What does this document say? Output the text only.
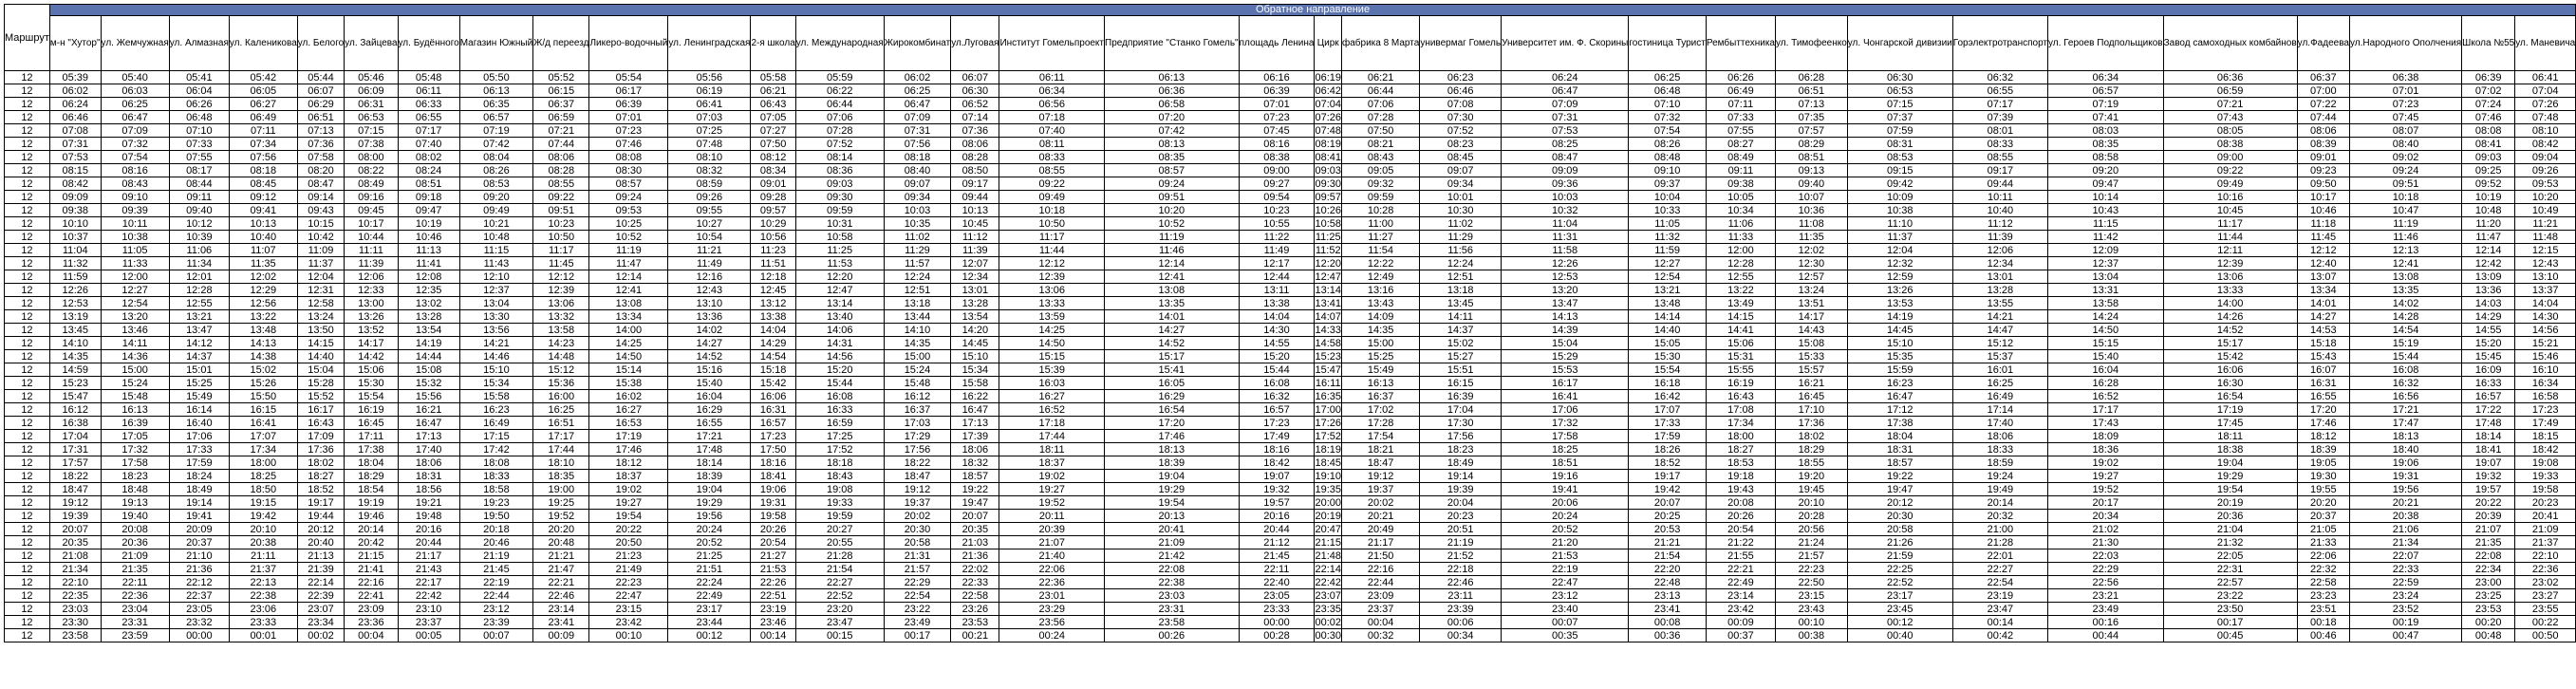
Маршрут	Обратное направление																																
	м-н "Хутор"	ул. Жемчужная	ул. Алмазная	ул. Каленикова	ул. Белого	ул. Зайцева	ул. Будённого	Магазин Южный	Ж/д переезд	Ликеро-водочный	ул. Ленинградская	2-я школа	ул. Международная	Жирокомбинат	ул.Луговая	Институт Гомельпроект	Предприятие "Станко Гомель"	площадь Ленина	Цирк	фабрика 8 Марта	универмаг Гомель	Университет им. Ф. Скорины	гостиница Турист	Рембыттехника	ул. Тимофеенко	ул. Чонгарской дивизии	Горэлектротранспорт	ул. Героев Подпольщиков	Завод самоходных комбайнов	ул.Фадеева	ул.Народного Ополчения	Школа №55	ул. Маневича
12	05:39	05:40	05:41	05:42	05:44	05:46	05:48	05:50	05:52	05:54	05:56	05:58	05:59	06:02	06:07	06:11	06:13	06:16	06:19	06:21	06:23	06:24	06:25	06:26	06:28	06:30	06:32	06:34	06:36	06:37	06:38	06:39	06:41
12	06:02	06:03	06:04	06:05	06:07	06:09	06:11	06:13	06:15	06:17	06:19	06:21	06:22	06:25	06:30	06:34	06:36	06:39	06:42	06:44	06:46	06:47	06:48	06:49	06:51	06:53	06:55	06:57	06:59	07:00	07:01	07:02	07:04
12	06:24	06:25	06:26	06:27	06:29	06:31	06:33	06:35	06:37	06:39	06:41	06:43	06:44	06:47	06:52	06:56	06:58	07:01	07:04	07:06	07:08	07:09	07:10	07:11	07:13	07:15	07:17	07:19	07:21	07:22	07:23	07:24	07:26
12	06:46	06:47	06:48	06:49	06:51	06:53	06:55	06:57	06:59	07:01	07:03	07:05	07:06	07:09	07:14	07:18	07:20	07:23	07:26	07:28	07:30	07:31	07:32	07:33	07:35	07:37	07:39	07:41	07:43	07:44	07:45	07:46	07:48
12	07:08	07:09	07:10	07:11	07:13	07:15	07:17	07:19	07:21	07:23	07:25	07:27	07:28	07:31	07:36	07:40	07:42	07:45	07:48	07:50	07:52	07:53	07:54	07:55	07:57	07:59	08:01	08:03	08:05	08:06	08:07	08:08	08:10
12	07:31	07:32	07:33	07:34	07:36	07:38	07:40	07:42	07:44	07:46	07:48	07:50	07:52	07:56	08:06	08:11	08:13	08:16	08:19	08:21	08:23	08:25	08:26	08:27	08:29	08:31	08:33	08:35	08:38	08:39	08:40	08:41	08:42
12	07:53	07:54	07:55	07:56	07:58	08:00	08:02	08:04	08:06	08:08	08:10	08:12	08:14	08:18	08:28	08:33	08:35	08:38	08:41	08:43	08:45	08:47	08:48	08:49	08:51	08:53	08:55	08:58	09:00	09:01	09:02	09:03	09:04
12	08:15	08:16	08:17	08:18	08:20	08:22	08:24	08:26	08:28	08:30	08:32	08:34	08:36	08:40	08:50	08:55	08:57	09:00	09:03	09:05	09:07	09:09	09:10	09:11	09:13	09:15	09:17	09:20	09:22	09:23	09:24	09:25	09:26
12	08:42	08:43	08:44	08:45	08:47	08:49	08:51	08:53	08:55	08:57	08:59	09:01	09:03	09:07	09:17	09:22	09:24	09:27	09:30	09:32	09:34	09:36	09:37	09:38	09:40	09:42	09:44	09:47	09:49	09:50	09:51	09:52	09:53
12	09:09	09:10	09:11	09:12	09:14	09:16	09:18	09:20	09:22	09:24	09:26	09:28	09:30	09:34	09:44	09:49	09:51	09:54	09:57	09:59	10:01	10:03	10:04	10:05	10:07	10:09	10:11	10:14	10:16	10:17	10:18	10:19	10:20
12	09:38	09:39	09:40	09:41	09:43	09:45	09:47	09:49	09:51	09:53	09:55	09:57	09:59	10:03	10:13	10:18	10:20	10:23	10:26	10:28	10:30	10:32	10:33	10:34	10:36	10:38	10:40	10:43	10:45	10:46	10:47	10:48	10:49
12	10:10	10:11	10:12	10:13	10:15	10:17	10:19	10:21	10:23	10:25	10:27	10:29	10:31	10:35	10:45	10:50	10:52	10:55	10:58	11:00	11:02	11:04	11:05	11:06	11:08	11:10	11:12	11:15	11:17	11:18	11:19	11:20	11:21
12	10:37	10:38	10:39	10:40	10:42	10:44	10:46	10:48	10:50	10:52	10:54	10:56	10:58	11:02	11:12	11:17	11:19	11:22	11:25	11:27	11:29	11:31	11:32	11:33	11:35	11:37	11:39	11:42	11:44	11:45	11:46	11:47	11:48
12	11:04	11:05	11:06	11:07	11:09	11:11	11:13	11:15	11:17	11:19	11:21	11:23	11:25	11:29	11:39	11:44	11:46	11:49	11:52	11:54	11:56	11:58	11:59	12:00	12:02	12:04	12:06	12:09	12:11	12:12	12:13	12:14	12:15
12	11:32	11:33	11:34	11:35	11:37	11:39	11:41	11:43	11:45	11:47	11:49	11:51	11:53	11:57	12:07	12:12	12:14	12:17	12:20	12:22	12:24	12:26	12:27	12:28	12:30	12:32	12:34	12:37	12:39	12:40	12:41	12:42	12:43
12	11:59	12:00	12:01	12:02	12:04	12:06	12:08	12:10	12:12	12:14	12:16	12:18	12:20	12:24	12:34	12:39	12:41	12:44	12:47	12:49	12:51	12:53	12:54	12:55	12:57	12:59	13:01	13:04	13:06	13:07	13:08	13:09	13:10
12	12:26	12:27	12:28	12:29	12:31	12:33	12:35	12:37	12:39	12:41	12:43	12:45	12:47	12:51	13:01	13:06	13:08	13:11	13:14	13:16	13:18	13:20	13:21	13:22	13:24	13:26	13:28	13:31	13:33	13:34	13:35	13:36	13:37
12	12:53	12:54	12:55	12:56	12:58	13:00	13:02	13:04	13:06	13:08	13:10	13:12	13:14	13:18	13:28	13:33	13:35	13:38	13:41	13:43	13:45	13:47	13:48	13:49	13:51	13:53	13:55	13:58	14:00	14:01	14:02	14:03	14:04
12	13:19	13:20	13:21	13:22	13:24	13:26	13:28	13:30	13:32	13:34	13:36	13:38	13:40	13:44	13:54	13:59	14:01	14:04	14:07	14:09	14:11	14:13	14:14	14:15	14:17	14:19	14:21	14:24	14:26	14:27	14:28	14:29	14:30
12	13:45	13:46	13:47	13:48	13:50	13:52	13:54	13:56	13:58	14:00	14:02	14:04	14:06	14:10	14:20	14:25	14:27	14:30	14:33	14:35	14:37	14:39	14:40	14:41	14:43	14:45	14:47	14:50	14:52	14:53	14:54	14:55	14:56
12	14:10	14:11	14:12	14:13	14:15	14:17	14:19	14:21	14:23	14:25	14:27	14:29	14:31	14:35	14:45	14:50	14:52	14:55	14:58	15:00	15:02	15:04	15:05	15:06	15:08	15:10	15:12	15:15	15:17	15:18	15:19	15:20	15:21
12	14:35	14:36	14:37	14:38	14:40	14:42	14:44	14:46	14:48	14:50	14:52	14:54	14:56	15:00	15:10	15:15	15:17	15:20	15:23	15:25	15:27	15:29	15:30	15:31	15:33	15:35	15:37	15:40	15:42	15:43	15:44	15:45	15:46
12	14:59	15:00	15:01	15:02	15:04	15:06	15:08	15:10	15:12	15:14	15:16	15:18	15:20	15:24	15:34	15:39	15:41	15:44	15:47	15:49	15:51	15:53	15:54	15:55	15:57	15:59	16:01	16:04	16:06	16:07	16:08	16:09	16:10
12	15:23	15:24	15:25	15:26	15:28	15:30	15:32	15:34	15:36	15:38	15:40	15:42	15:44	15:48	15:58	16:03	16:05	16:08	16:11	16:13	16:15	16:17	16:18	16:19	16:21	16:23	16:25	16:28	16:30	16:31	16:32	16:33	16:34
12	15:47	15:48	15:49	15:50	15:52	15:54	15:56	15:58	16:00	16:02	16:04	16:06	16:08	16:12	16:22	16:27	16:29	16:32	16:35	16:37	16:39	16:41	16:42	16:43	16:45	16:47	16:49	16:52	16:54	16:55	16:56	16:57	16:58
12	16:12	16:13	16:14	16:15	16:17	16:19	16:21	16:23	16:25	16:27	16:29	16:31	16:33	16:37	16:47	16:52	16:54	16:57	17:00	17:02	17:04	17:06	17:07	17:08	17:10	17:12	17:14	17:17	17:19	17:20	17:21	17:22	17:23
12	16:38	16:39	16:40	16:41	16:43	16:45	16:47	16:49	16:51	16:53	16:55	16:57	16:59	17:03	17:13	17:18	17:20	17:23	17:26	17:28	17:30	17:32	17:33	17:34	17:36	17:38	17:40	17:43	17:45	17:46	17:47	17:48	17:49
12	17:04	17:05	17:06	17:07	17:09	17:11	17:13	17:15	17:17	17:19	17:21	17:23	17:25	17:29	17:39	17:44	17:46	17:49	17:52	17:54	17:56	17:58	17:59	18:00	18:02	18:04	18:06	18:09	18:11	18:12	18:13	18:14	18:15
12	17:31	17:32	17:33	17:34	17:36	17:38	17:40	17:42	17:44	17:46	17:48	17:50	17:52	17:56	18:06	18:11	18:13	18:16	18:19	18:21	18:23	18:25	18:26	18:27	18:29	18:31	18:33	18:36	18:38	18:39	18:40	18:41	18:42
12	17:57	17:58	17:59	18:00	18:02	18:04	18:06	18:08	18:10	18:12	18:14	18:16	18:18	18:22	18:32	18:37	18:39	18:42	18:45	18:47	18:49	18:51	18:52	18:53	18:55	18:57	18:59	19:02	19:04	19:05	19:06	19:07	19:08
12	18:22	18:23	18:24	18:25	18:27	18:29	18:31	18:33	18:35	18:37	18:39	18:41	18:43	18:47	18:57	19:02	19:04	19:07	19:10	19:12	19:14	19:16	19:17	19:18	19:20	19:22	19:24	19:27	19:29	19:30	19:31	19:32	19:33
12	18:47	18:48	18:49	18:50	18:52	18:54	18:56	18:58	19:00	19:02	19:04	19:06	19:08	19:12	19:22	19:27	19:29	19:32	19:35	19:37	19:39	19:41	19:42	19:43	19:45	19:47	19:49	19:52	19:54	19:55	19:56	19:57	19:58
12	19:12	19:13	19:14	19:15	19:17	19:19	19:21	19:23	19:25	19:27	19:29	19:31	19:33	19:37	19:47	19:52	19:54	19:57	20:00	20:02	20:04	20:06	20:07	20:08	20:10	20:12	20:14	20:17	20:19	20:20	20:21	20:22	20:23
12	19:39	19:40	19:41	19:42	19:44	19:46	19:48	19:50	19:52	19:54	19:56	19:58	19:59	20:02	20:07	20:11	20:13	20:16	20:19	20:21	20:23	20:24	20:25	20:26	20:28	20:30	20:32	20:34	20:36	20:37	20:38	20:39	20:41
12	20:07	20:08	20:09	20:10	20:12	20:14	20:16	20:18	20:20	20:22	20:24	20:26	20:27	20:30	20:35	20:39	20:41	20:44	20:47	20:49	20:51	20:52	20:53	20:54	20:56	20:58	21:00	21:02	21:04	21:05	21:06	21:07	21:09
12	20:35	20:36	20:37	20:38	20:40	20:42	20:44	20:46	20:48	20:50	20:52	20:54	20:55	20:58	21:03	21:07	21:09	21:12	21:15	21:17	21:19	21:20	21:21	21:22	21:24	21:26	21:28	21:30	21:32	21:33	21:34	21:35	21:37
12	21:08	21:09	21:10	21:11	21:13	21:15	21:17	21:19	21:21	21:23	21:25	21:27	21:28	21:31	21:36	21:40	21:42	21:45	21:48	21:50	21:52	21:53	21:54	21:55	21:57	21:59	22:01	22:03	22:05	22:06	22:07	22:08	22:10
12	21:34	21:35	21:36	21:37	21:39	21:41	21:43	21:45	21:47	21:49	21:51	21:53	21:54	21:57	22:02	22:06	22:08	22:11	22:14	22:16	22:18	22:19	22:20	22:21	22:23	22:25	22:27	22:29	22:31	22:32	22:33	22:34	22:36
12	22:10	22:11	22:12	22:13	22:14	22:16	22:17	22:19	22:21	22:23	22:24	22:26	22:27	22:29	22:33	22:36	22:38	22:40	22:42	22:44	22:46	22:47	22:48	22:49	22:50	22:52	22:54	22:56	22:57	22:58	22:59	23:00	23:02
12	22:35	22:36	22:37	22:38	22:39	22:41	22:42	22:44	22:46	22:47	22:49	22:51	22:52	22:54	22:58	23:01	23:03	23:05	23:07	23:09	23:11	23:12	23:13	23:14	23:15	23:17	23:19	23:21	23:22	23:23	23:24	23:25	23:27
12	23:03	23:04	23:05	23:06	23:07	23:09	23:10	23:12	23:14	23:15	23:17	23:19	23:20	23:22	23:26	23:29	23:31	23:33	23:35	23:37	23:39	23:40	23:41	23:42	23:43	23:45	23:47	23:49	23:50	23:51	23:52	23:53	23:55
12	23:30	23:31	23:32	23:33	23:34	23:36	23:37	23:39	23:41	23:42	23:44	23:46	23:47	23:49	23:53	23:56	23:58	00:00	00:02	00:04	00:06	00:07	00:08	00:09	00:10	00:12	00:14	00:16	00:17	00:18	00:19	00:20	00:22
12	23:58	23:59	00:00	00:01	00:02	00:04	00:05	00:07	00:09	00:10	00:12	00:14	00:15	00:17	00:21	00:24	00:26	00:28	00:30	00:32	00:34	00:35	00:36	00:37	00:38	00:40	00:42	00:44	00:45	00:46	00:47	00:48	00:50
